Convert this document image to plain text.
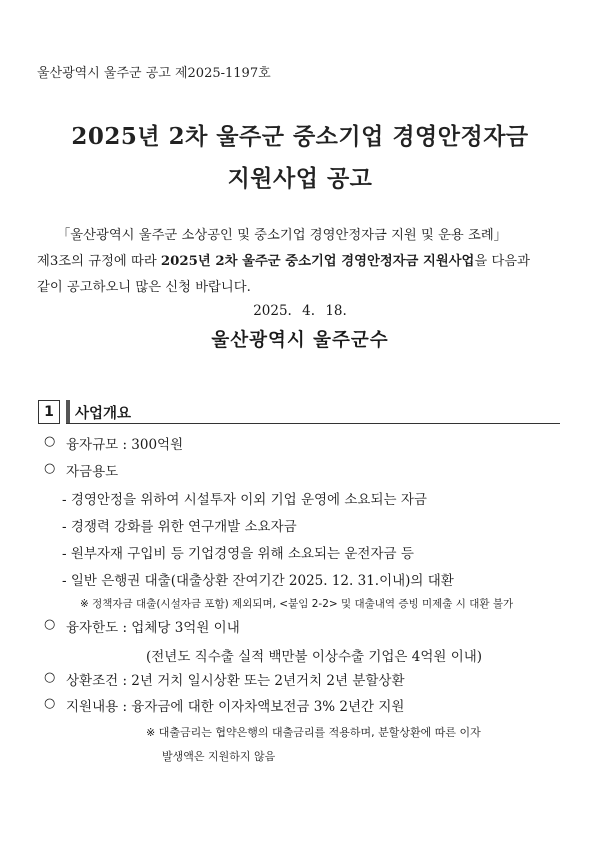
울산광역시 울주군 공고 제2025-1197호
2025년 2차 울주군 중소기업 경영안정자금
지원사업 공고
「울산광역시 울주군 소상공인 및 중소기업 경영안정자금 지원 및 운용 조례」
제3조의 규정에 따라 2025년 2차 울주군 중소기업 경영안정자금 지원사업을 다음과
같이 공고하오니 많은 신청 바랍니다.
2025. 4. 18.
울산광역시 울주군수
1	사업개요
○ 융자규모 : 300억원
○ 자금용도
- 경영안정을 위하여 시설투자 이외 기업 운영에 소요되는 자금
- 경쟁력 강화를 위한 연구개발 소요자금
- 원부자재 구입비 등 기업경영을 위해 소요되는 운전자금 등
- 일반 은행권 대출(대출상환 잔여기간 2025. 12. 31.이내)의 대환
※ 정책자금 대출(시설자금 포함) 제외되며, <붙임 2-2> 및 대출내역 증빙 미제출 시 대환 불가
○ 융자한도 : 업체당 3억원 이내
(전년도 직수출 실적 백만불 이상수출 기업은 4억원 이내)
○ 상환조건 : 2년 거치 일시상환 또는 2년거치 2년 분할상환
○ 지원내용 : 융자금에 대한 이자차액보전금 3% 2년간 지원
※ 대출금리는 협약은행의 대출금리를 적용하며, 분할상환에 따른 이자
발생액은 지원하지 않음
